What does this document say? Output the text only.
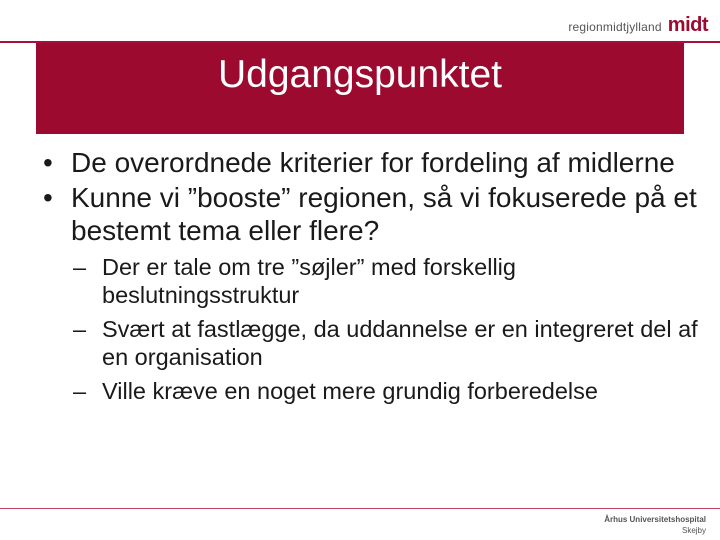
regionmidtjylland midt
Udgangspunktet
• De overordnede kriterier for fordeling af midlerne
• Kunne vi ”booste” regionen, så vi fokuserede på et bestemt tema eller flere?
– Der er tale om tre ”søjler” med forskellig beslutningsstruktur
– Svært at fastlægge, da uddannelse er en integreret del af en organisation
– Ville kræve en noget mere grundig forberedelse
Århus Universitetshospital
Skejby
